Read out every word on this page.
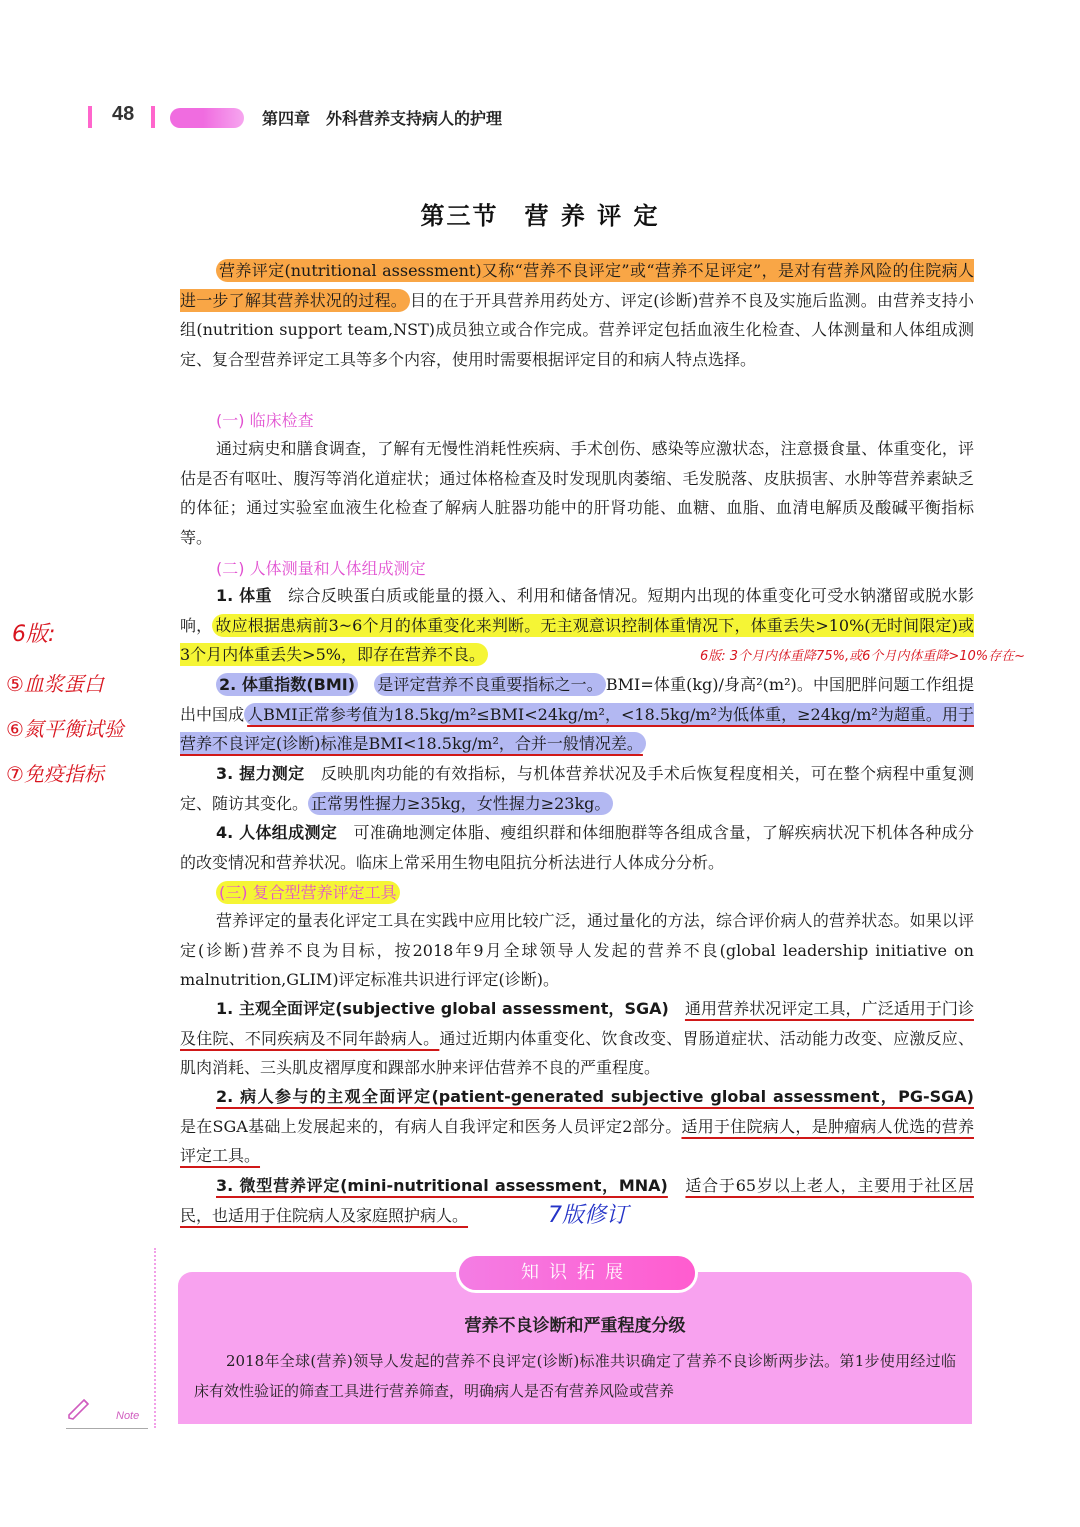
48	第四章　外科营养支持病人的护理
第三节　营 养 评 定
营养评定(nutritional assessment)又称“营养不良评定”或“营养不足评定”，是对有营养风险的住院病人进一步了解其营养状况的过程。 目的在于开具营养用药处方、评定(诊断)营养不良及实施后监测。由营养支持小组(nutrition support team,NST)成员独立或合作完成。营养评定包括血液生化检查、人体测量和人体组成测定、复合型营养评定工具等多个内容，使用时需要根据评定目的和病人特点选择。
(一) 临床检查
通过病史和膳食调查，了解有无慢性消耗性疾病、手术创伤、感染等应激状态，注意摄食量、体重变化，评估是否有呕吐、腹泻等消化道症状；通过体格检查及时发现肌肉萎缩、毛发脱落、皮肤损害、水肿等营养素缺乏的体征；通过实验室血液生化检查了解病人脏器功能中的肝肾功能、血糖、血脂、血清电解质及酸碱平衡指标等。
(二) 人体测量和人体组成测定
1. 体重　 综合反映蛋白质或能量的摄入、利用和储备情况。短期内出现的体重变化可受水钠潴留或脱水影响， 故应根据患病前3~6个月的体重变化来判断。无主观意识控制体重情况下，体重丢失>10%(无时间限定)或3个月内体重丢失>5%，即存在营养不良。
2. 体重指数(BMI)　 是评定营养不良重要指标之一。 BMI=体重(kg)/身高²(m²)。中国肥胖问题工作组提出中国成 人BMI正常参考值为18.5kg/m²≤BMI<24kg/m²，<18.5kg/m²为低体重，≥24kg/m²为超重。用于营养不良评定(诊断)标准是BMI<18.5kg/m²，合并一般情况差。
3. 握力测定　 反映肌肉功能的有效指标，与机体营养状况及手术后恢复程度相关，可在整个病程中重复测定、随访其变化。 正常男性握力≥35kg，女性握力≥23kg。
4. 人体组成测定　 可准确地测定体脂、瘦组织群和体细胞群等各组成含量，了解疾病状况下机体各种成分的改变情况和营养状况。临床上常采用生物电阻抗分析法进行人体成分分析。
(三) 复合型营养评定工具
营养评定的量表化评定工具在实践中应用比较广泛，通过量化的方法，综合评价病人的营养状态。如果以评定(诊断)营养不良为目标，按2018年9月全球领导人发起的营养不良(global leadership initiative on malnutrition,GLIM)评定标准共识进行评定(诊断)。
1. 主观全面评定(subjective global assessment，SGA)　 通用营养状况评定工具，广泛适用于门诊及住院、不同疾病及不同年龄病人。通过近期内体重变化、饮食改变、胃肠道症状、活动能力改变、应激反应、肌肉消耗、三头肌皮褶厚度和踝部水肿来评估营养不良的严重程度。
2. 病人参与的主观全面评定(patient-generated subjective global assessment，PG-SGA)　是在SGA基础上发展起来的，有病人自我评定和医务人员评定2部分。适用于住院病人，是肿瘤病人优选的营养评定工具。
3. 微型营养评定(mini-nutritional assessment，MNA)　 适合于65岁以上老人，主要用于社区居民，也适用于住院病人及家庭照护病人。
6版:
⑤血浆蛋白
⑥氮平衡试验
⑦免疫指标
6版: 3个月内体重降75%,或6个月内体重降>10%存在~
7版修订
知识拓展
营养不良诊断和严重程度分级
2018年全球(营养)领导人发起的营养不良评定(诊断)标准共识确定了营养不良诊断两步法。第1步使用经过临床有效性验证的筛查工具进行营养筛查，明确病人是否有营养风险或营养
Note
